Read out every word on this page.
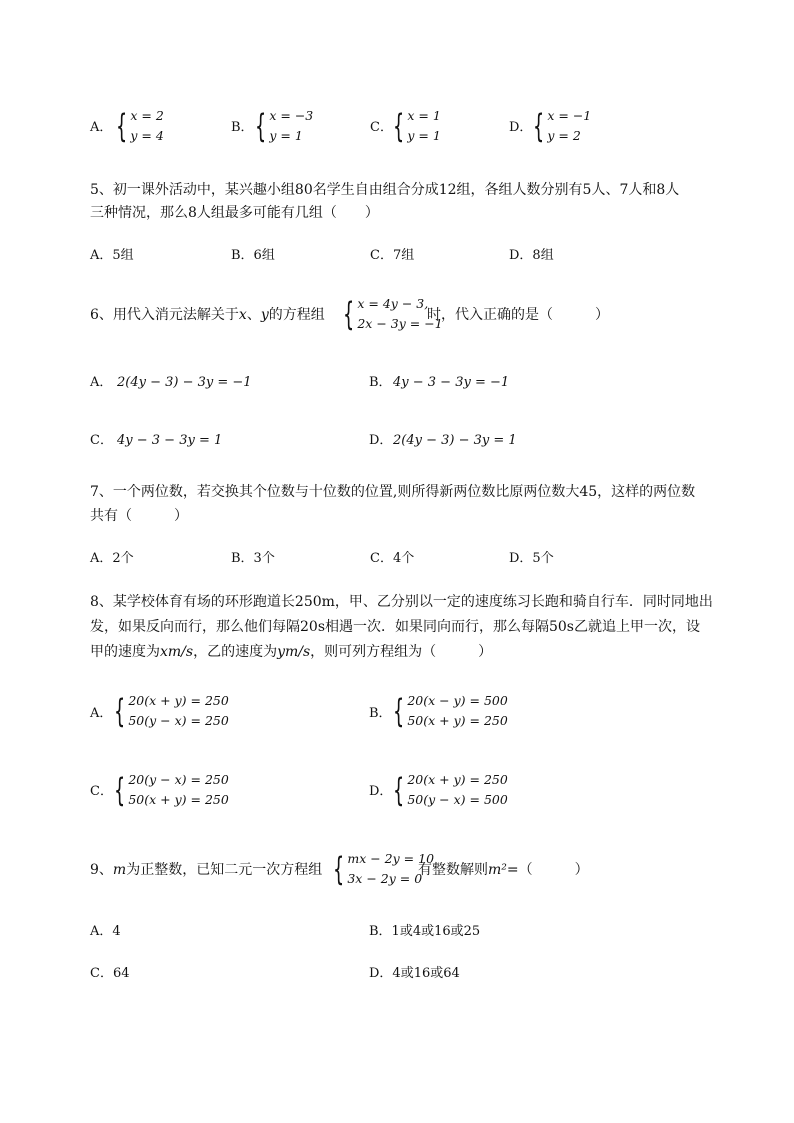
A． { x = 2
y = 4
B． { x = −3
y = 1
C． { x = 1
y = 1
D． { x = −1
y = 2
5、初一课外活动中，某兴趣小组80名学生自由组合分成12组，各组人数分别有5人、7人和8人
三种情况，那么8人组最多可能有几组（　　）
A．5组	B．6组	C．7组	D．8组
6、用代入消元法解关于 x 、 y 的方程组 { x = 4y − 3,
2x − 3y = −1
时，代入正确的是（　　　）
A． 2(4y − 3) − 3y = −1	B． 4y − 3 − 3y = −1
C． 4y − 3 − 3y = 1	D． 2(4y − 3) − 3y = 1
7、一个两位数，若交换其个位数与十位数的位置,则所得新两位数比原两位数大45，这样的两位数
共有（　　　）
A．2个	B．3个	C．4个	D．5个
8、某学校体育有场的环形跑道长250m，甲、乙分别以一定的速度练习长跑和骑自行车．同时同地出
发，如果反向而行，那么他们每隔20s相遇一次．如果同向而行，那么每隔50s乙就追上甲一次，设
甲的速度为xm/s，乙的速度为ym/s，则可列方程组为（　　　）
A． { 20(x + y) = 250
50(y − x) = 250	B． { 20(x − y) = 500
50(x + y) = 250
C． { 20(y − x) = 250
50(x + y) = 250
D． { 20(x + y) = 250
50(y − x) = 500
9、m为正整数，已知二元一次方程组 { mx − 2y = 10
3x − 2y = 0
有整数解则m²=（　　　）
A．4	B．1或4或16或25
C．64	D．4或16或64
